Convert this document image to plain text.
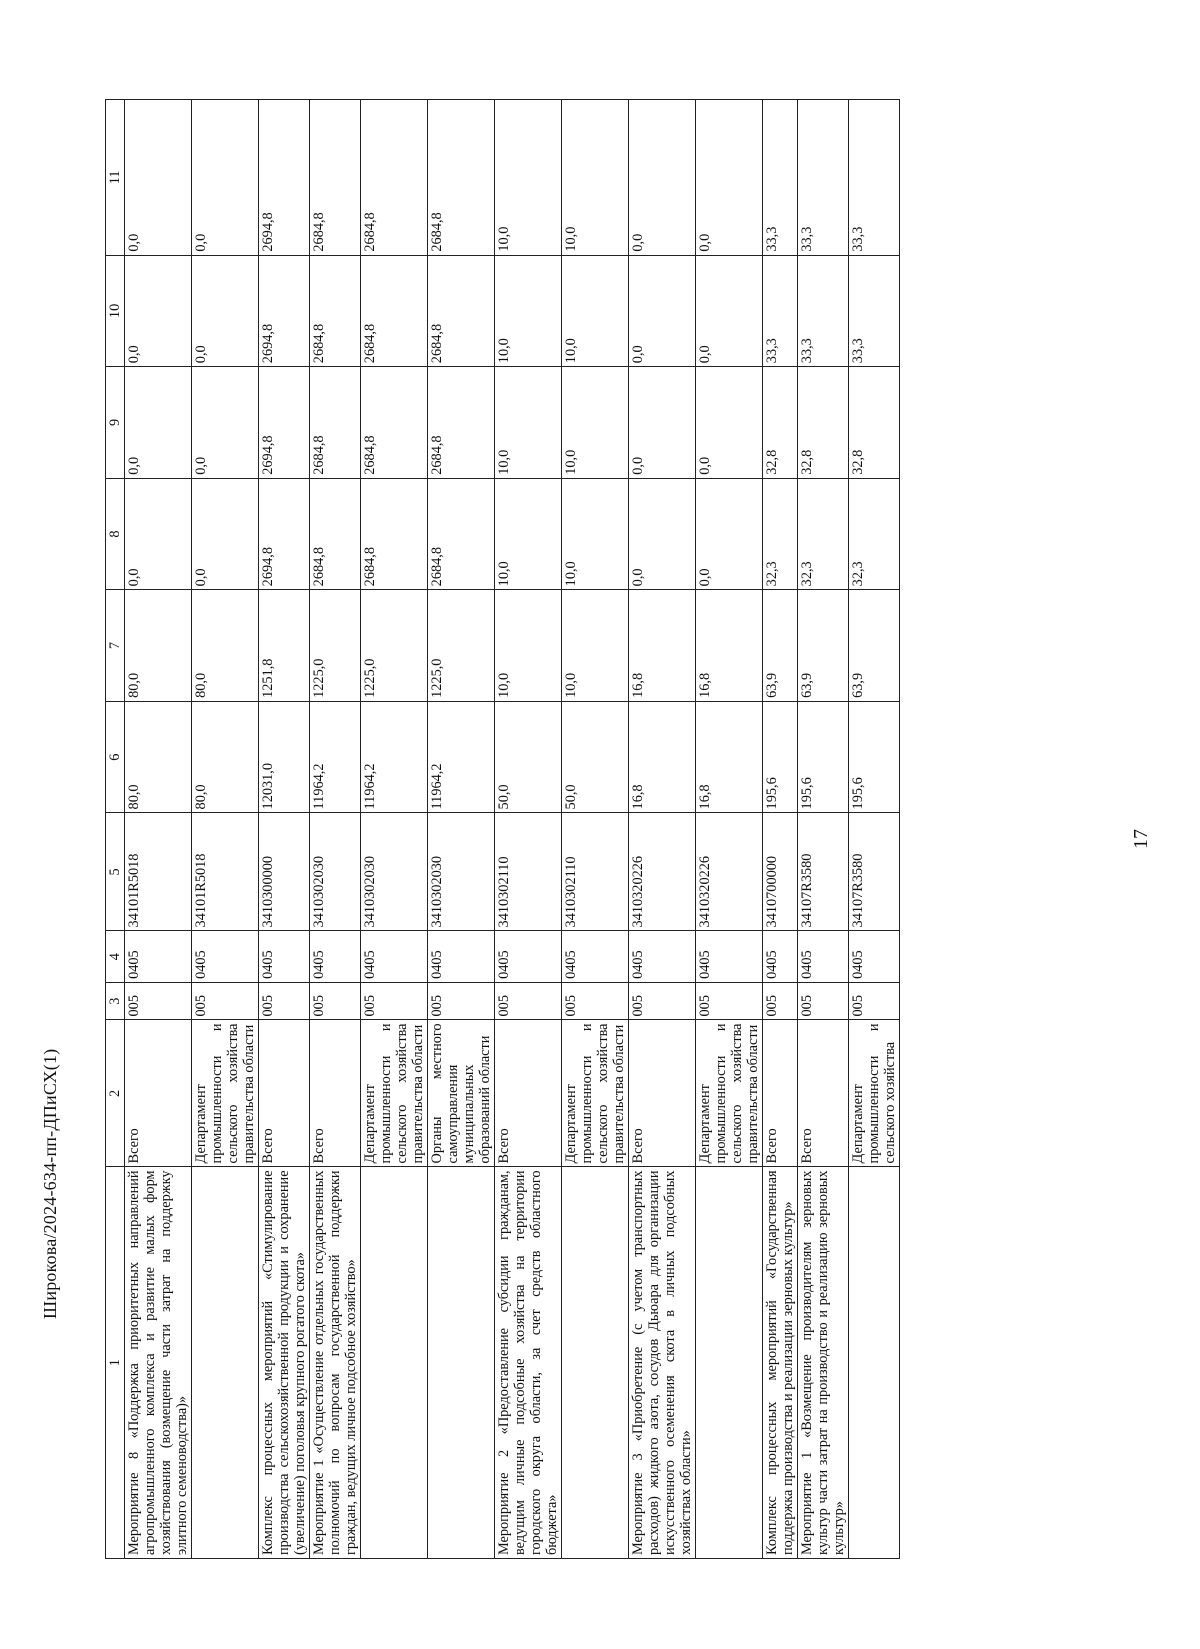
17
Широкова/2024-634-пп-ДПиСХ(1)
1	2	3	4	5	6	7	8	9	10	11
Мероприятие 8 «Поддержка приоритетных направлений агропромышленного комплекса и развитие малых форм хозяйствования (возмещение части затрат на поддержку элитного семеноводства)»	Всего	005	0405	34101R5018	80,0	80,0	0,0	0,0	0,0	0,0
	Департамент промышленности и сельского хозяйства правительства области	005	0405	34101R5018	80,0	80,0	0,0	0,0	0,0	0,0
Комплекс процессных мероприятий «Стимулирование производства сельскохозяйственной продукции и сохранение (увеличение) поголовья крупного рогатого скота»	Всего	005	0405	3410300000	12031,0	1251,8	2694,8	2694,8	2694,8	2694,8
Мероприятие 1 «Осуществление отдельных государственных полномочий по вопросам государственной поддержки граждан, ведущих личное подсобное хозяйство»	Всего	005	0405	3410302030	11964,2	1225,0	2684,8	2684,8	2684,8	2684,8
	Департамент промышленности и сельского хозяйства правительства области	005	0405	3410302030	11964,2	1225,0	2684,8	2684,8	2684,8	2684,8
	Органы местного самоуправления муниципальных образований области	005	0405	3410302030	11964,2	1225,0	2684,8	2684,8	2684,8	2684,8
Мероприятие 2 «Предоставление субсидии гражданам, ведущим личные подсобные хозяйства на территории городского округа области, за счет средств областного бюджета»	Всего	005	0405	3410302110	50,0	10,0	10,0	10,0	10,0	10,0
	Департамент промышленности и сельского хозяйства правительства области	005	0405	3410302110	50,0	10,0	10,0	10,0	10,0	10,0
Мероприятие 3 «Приобретение (с учетом транспортных расходов) жидкого азота, сосудов Дьюара для организации искусственного осеменения скота в личных подсобных хозяйствах области»	Всего	005	0405	3410320226	16,8	16,8	0,0	0,0	0,0	0,0
	Департамент промышленности и сельского хозяйства правительства области	005	0405	3410320226	16,8	16,8	0,0	0,0	0,0	0,0
Комплекс процессных мероприятий «Государственная поддержка производства и реализации зерновых культур»	Всего	005	0405	3410700000	195,6	63,9	32,3	32,8	33,3	33,3
Мероприятие 1 «Возмещение производителям зерновых культур части затрат на производство и реализацию зерновых культур»	Всего	005	0405	34107R3580	195,6	63,9	32,3	32,8	33,3	33,3
	Департамент промышленности и сельского хозяйства	005	0405	34107R3580	195,6	63,9	32,3	32,8	33,3	33,3
